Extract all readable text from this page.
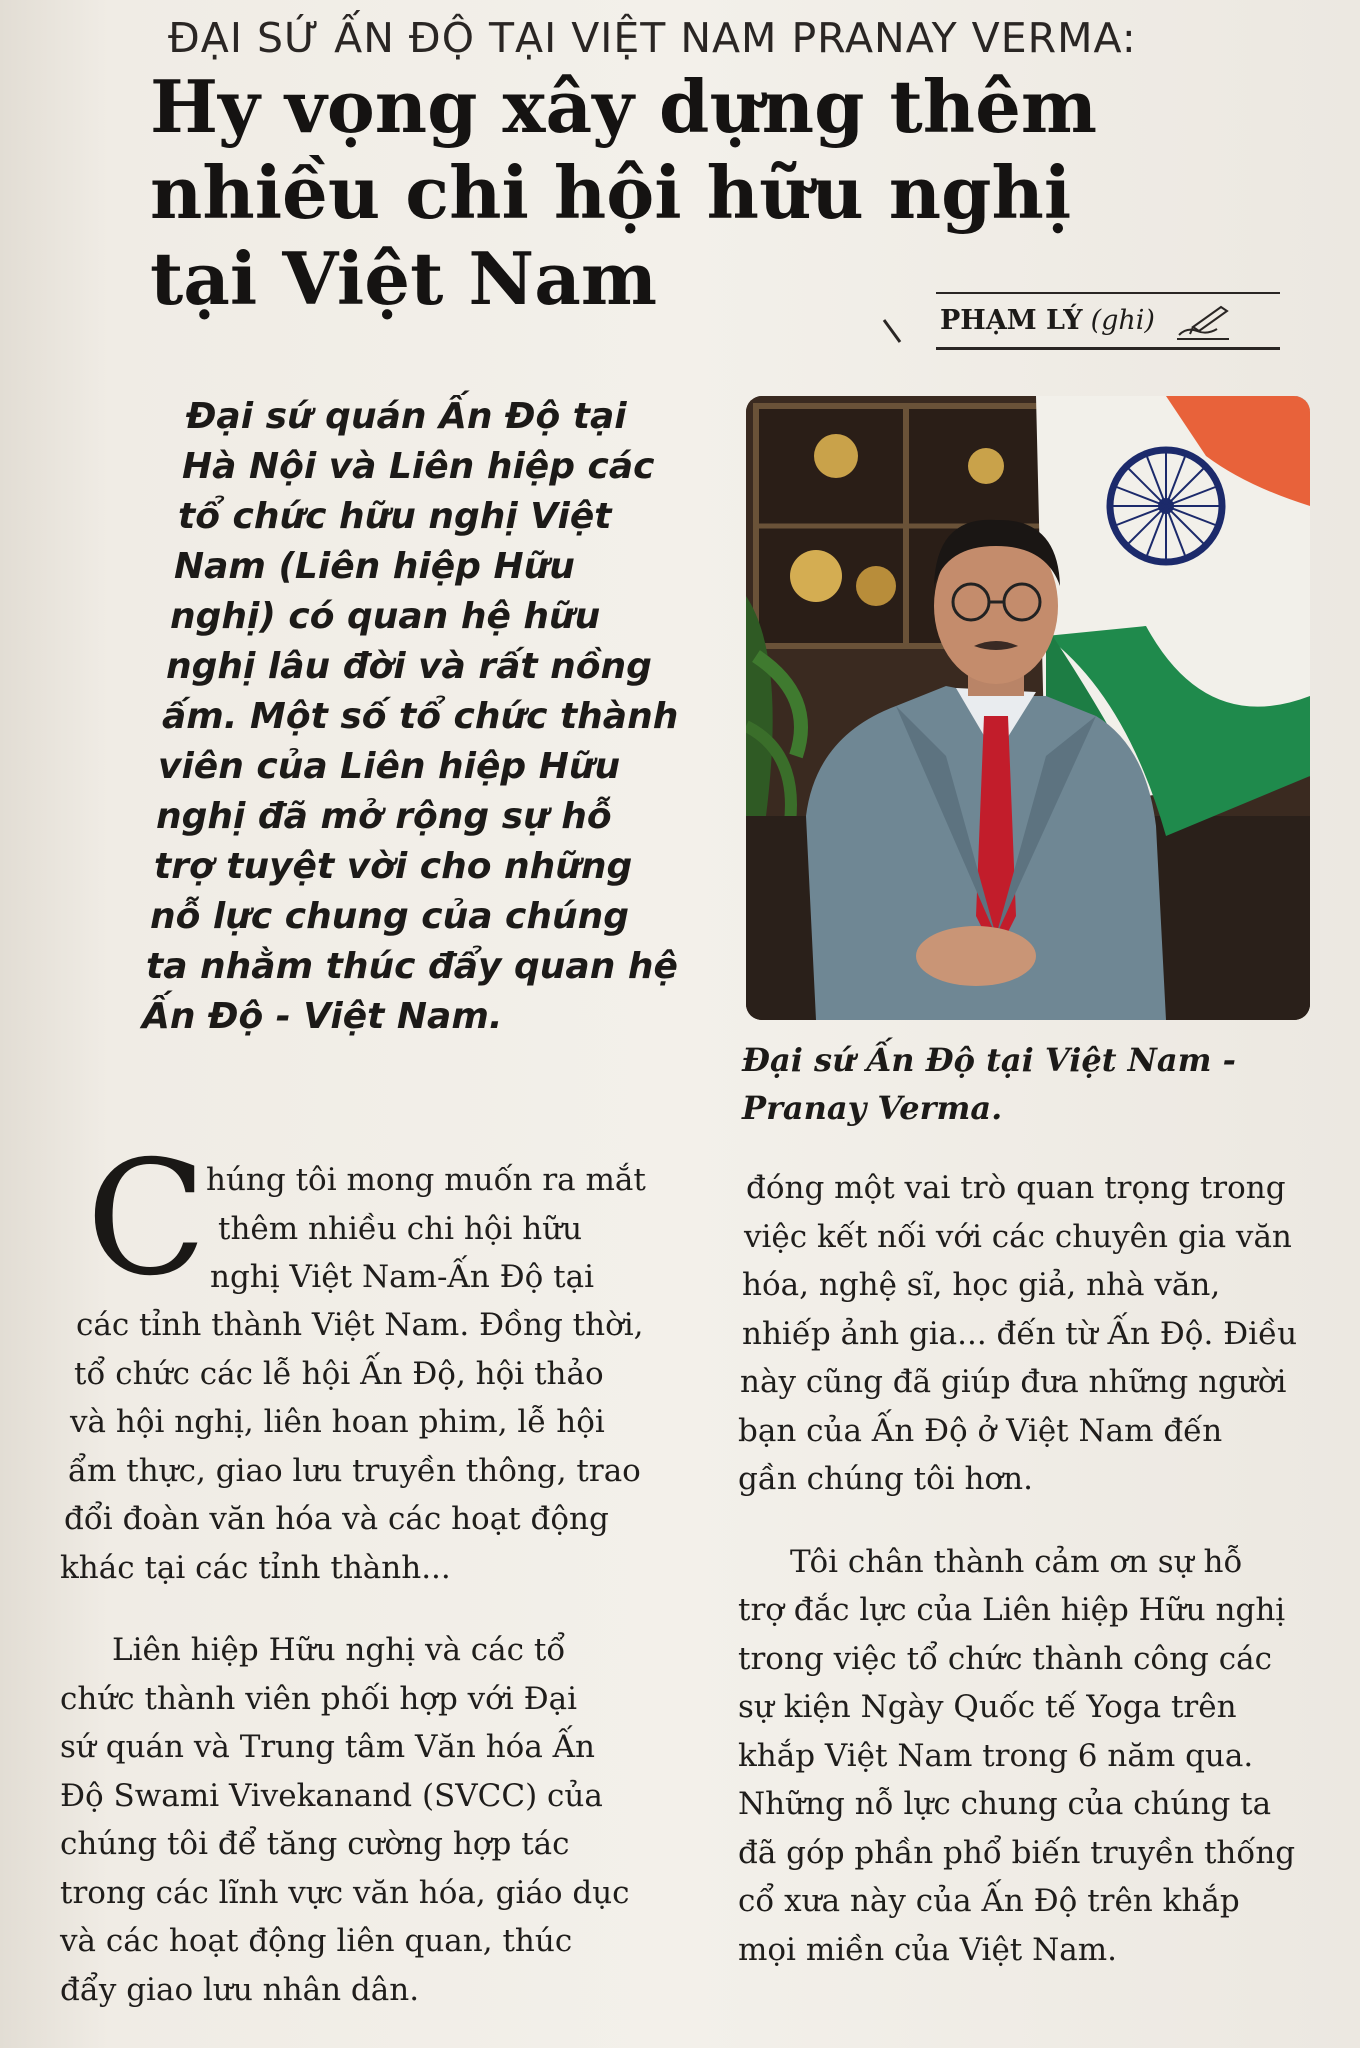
ĐẠI SỨ ẤN ĐỘ TẠI VIỆT NAM PRANAY VERMA:
Hy vọng xây dựng thêm
nhiều chi hội hữu nghị
tại Việt Nam	PHẠM LÝ (ghi)
Đại sứ quán Ấn Độ tại
Hà Nội và Liên hiệp các
tổ chức hữu nghị Việt
Nam (Liên hiệp Hữu
nghị) có quan hệ hữu
nghị lâu đời và rất nồng
ấm. Một số tổ chức thành
viên của Liên hiệp Hữu
nghị đã mở rộng sự hỗ
trợ tuyệt vời cho những
nỗ lực chung của chúng
ta nhằm thúc đẩy quan hệ
Ấn Độ - Việt Nam.
Đại sứ Ấn Độ tại Việt Nam -
Pranay Verma.
C húng tôi mong muốn ra mắt
thêm nhiều chi hội hữu
nghị Việt Nam-Ấn Độ tại
các tỉnh thành Việt Nam. Đồng thời,
tổ chức các lễ hội Ấn Độ, hội thảo
và hội nghị, liên hoan phim, lễ hội
ẩm thực, giao lưu truyền thông, trao
đổi đoàn văn hóa và các hoạt động
khác tại các tỉnh thành...
Liên hiệp Hữu nghị và các tổ
chức thành viên phối hợp với Đại
sứ quán và Trung tâm Văn hóa Ấn
Độ Swami Vivekanand (SVCC) của
chúng tôi để tăng cường hợp tác
trong các lĩnh vực văn hóa, giáo dục
và các hoạt động liên quan, thúc
đẩy giao lưu nhân dân.
đóng một vai trò quan trọng trong
việc kết nối với các chuyên gia văn
hóa, nghệ sĩ, học giả, nhà văn,
nhiếp ảnh gia... đến từ Ấn Độ. Điều
này cũng đã giúp đưa những người
bạn của Ấn Độ ở Việt Nam đến
gần chúng tôi hơn.
Tôi chân thành cảm ơn sự hỗ
trợ đắc lực của Liên hiệp Hữu nghị
trong việc tổ chức thành công các
sự kiện Ngày Quốc tế Yoga trên
khắp Việt Nam trong 6 năm qua.
Những nỗ lực chung của chúng ta
đã góp phần phổ biến truyền thống
cổ xưa này của Ấn Độ trên khắp
mọi miền của Việt Nam.
